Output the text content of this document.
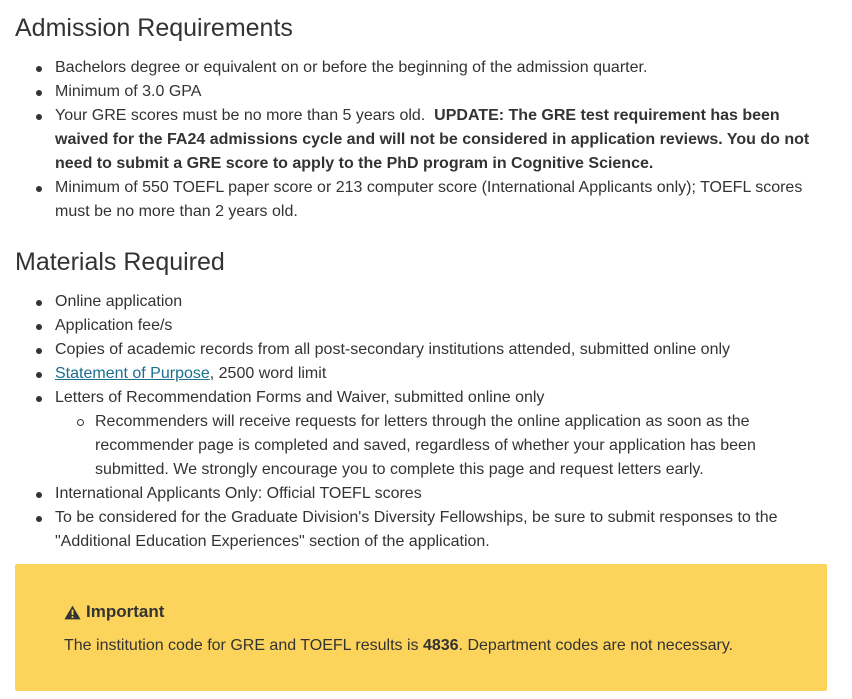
Admission Requirements
Bachelors degree or equivalent on or before the beginning of the admission quarter.
Minimum of 3.0 GPA
Your GRE scores must be no more than 5 years old. UPDATE: The GRE test requirement has been waived for the FA24 admissions cycle and will not be considered in application reviews. You do not need to submit a GRE score to apply to the PhD program in Cognitive Science.
Minimum of 550 TOEFL paper score or 213 computer score (International Applicants only); TOEFL scores must be no more than 2 years old.
Materials Required
Online application
Application fee/s
Copies of academic records from all post-secondary institutions attended, submitted online only
Statement of Purpose, 2500 word limit
Letters of Recommendation Forms and Waiver, submitted online only
Recommenders will receive requests for letters through the online application as soon as the recommender page is completed and saved, regardless of whether your application has been submitted. We strongly encourage you to complete this page and request letters early.
International Applicants Only: Official TOEFL scores
To be considered for the Graduate Division's Diversity Fellowships, be sure to submit responses to the "Additional Education Experiences" section of the application.
Important
The institution code for GRE and TOEFL results is 4836. Department codes are not necessary.
